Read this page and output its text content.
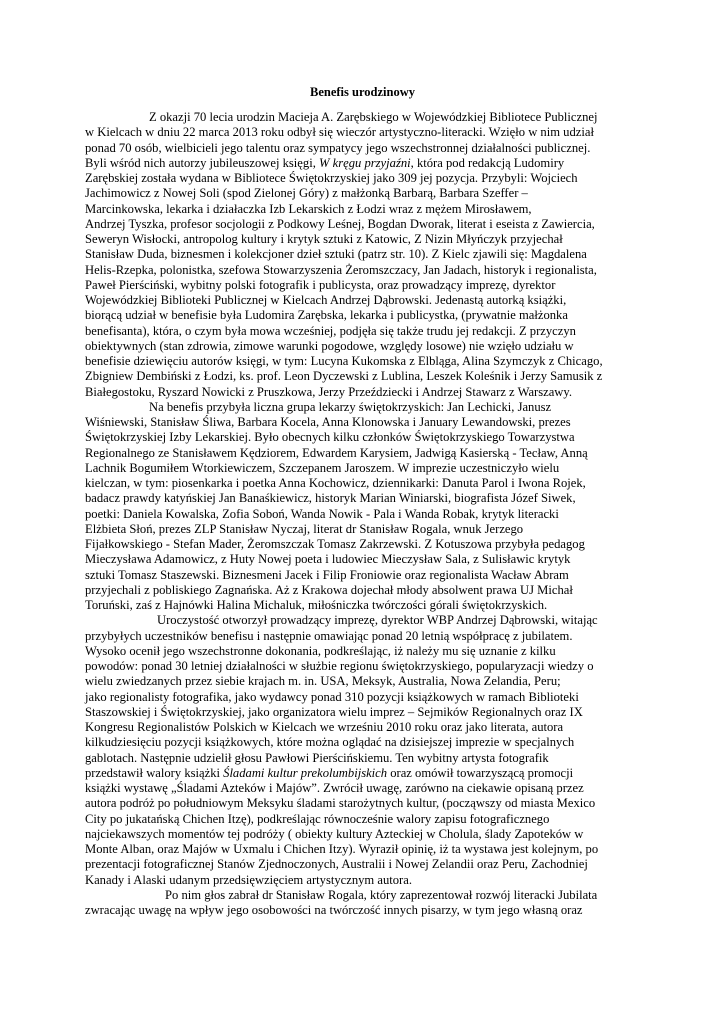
Benefis urodzinowy
Z okazji 70 lecia urodzin Macieja A. Zarębskiego w Wojewódzkiej Bibliotece Publicznej
w Kielcach w dniu 22 marca 2013 roku odbył się wieczór artystyczno-literacki. Wzięło w nim udział
ponad 70 osób, wielbicieli jego talentu oraz sympatycy jego wszechstronnej działalności publicznej.
Byli wśród nich autorzy jubileuszowej księgi, W kręgu przyjaźni, która pod redakcją Ludomiry
Zarębskiej została wydana w Bibliotece Świętokrzyskiej jako 309 jej pozycja. Przybyli: Wojciech
Jachimowicz z Nowej Soli (spod Zielonej Góry) z małżonką Barbarą, Barbara Szeffer –
Marcinkowska, lekarka i działaczka Izb Lekarskich z Łodzi wraz z mężem Mirosławem,
Andrzej Tyszka, profesor socjologii z Podkowy Leśnej, Bogdan Dworak, literat i eseista z Zawiercia,
Seweryn Wisłocki, antropolog kultury i krytyk sztuki z Katowic, Z Nizin Młyńczyk przyjechał
Stanisław Duda, biznesmen i kolekcjoner dzieł sztuki (patrz str. 10). Z Kielc zjawili się: Magdalena
Helis-Rzepka, polonistka, szefowa Stowarzyszenia Żeromszczacy, Jan Jadach, historyk i regionalista,
Paweł Pierściński, wybitny polski fotografik i publicysta, oraz prowadzący imprezę, dyrektor
Wojewódzkiej Biblioteki Publicznej w Kielcach Andrzej Dąbrowski. Jedenastą autorką książki,
biorącą udział w benefisie była Ludomira Zarębska, lekarka i publicystka, (prywatnie małżonka
benefisanta), która, o czym była mowa wcześniej, podjęła się także trudu jej redakcji. Z przyczyn
obiektywnych (stan zdrowia, zimowe warunki pogodowe, względy losowe) nie wzięło udziału w
benefisie dziewięciu autorów księgi, w tym: Lucyna Kukomska z Elbląga, Alina Szymczyk z Chicago,
Zbigniew Dembiński z Łodzi, ks. prof. Leon Dyczewski z Lublina, Leszek Koleśnik i Jerzy Samusik z
Białegostoku, Ryszard Nowicki z Pruszkowa, Jerzy Przeździecki i Andrzej Stawarz z Warszawy.
Na benefis przybyła liczna grupa lekarzy świętokrzyskich: Jan Lechicki, Janusz
Wiśniewski, Stanisław Śliwa, Barbara Kocela, Anna Klonowska i January Lewandowski, prezes
Świętokrzyskiej Izby Lekarskiej. Było obecnych kilku członków Świętokrzyskiego Towarzystwa
Regionalnego ze Stanisławem Kędziorem, Edwardem Karysiem, Jadwigą Kasierską - Tecław, Anną
Lachnik Bogumiłem Wtorkiewiczem, Szczepanem Jaroszem. W imprezie uczestniczyło wielu
kielczan, w tym: piosenkarka i poetka Anna Kochowicz, dziennikarki: Danuta Parol i Iwona Rojek,
badacz prawdy katyńskiej Jan Banaśkiewicz, historyk Marian Winiarski, biografista Józef Siwek,
poetki: Daniela Kowalska, Zofia Soboń, Wanda Nowik - Pala i Wanda Robak, krytyk literacki
Elżbieta Słoń, prezes ZLP Stanisław Nyczaj, literat dr Stanisław Rogala, wnuk Jerzego
Fijałkowskiego - Stefan Mader, Żeromszczak Tomasz Zakrzewski. Z Kotuszowa przybyła pedagog
Mieczysława Adamowicz, z Huty Nowej poeta i ludowiec Mieczysław Sala, z Sulisławic krytyk
sztuki Tomasz Staszewski. Biznesmeni Jacek i Filip Froniowie oraz regionalista Wacław Abram
przyjechali z pobliskiego Zagnańska. Aż z Krakowa dojechał młody absolwent prawa UJ Michał
Toruński, zaś z Hajnówki Halina Michaluk, miłośniczka twórczości górali świętokrzyskich.
Uroczystość otworzył prowadzący imprezę, dyrektor WBP Andrzej Dąbrowski, witając
przybyłych uczestników benefisu i następnie omawiając ponad 20 letnią współpracę z jubilatem.
Wysoko ocenił jego wszechstronne dokonania, podkreślając, iż należy mu się uznanie z kilku
powodów: ponad 30 letniej działalności w służbie regionu świętokrzyskiego, popularyzacji wiedzy o
wielu zwiedzanych przez siebie krajach m. in. USA, Meksyk, Australia, Nowa Zelandia, Peru;
jako regionalisty fotografika, jako wydawcy ponad 310 pozycji książkowych w ramach Biblioteki
Staszowskiej i Świętokrzyskiej, jako organizatora wielu imprez – Sejmików Regionalnych oraz IX
Kongresu Regionalistów Polskich w Kielcach we wrześniu 2010 roku oraz jako literata, autora
kilkudziesięciu pozycji książkowych, które można oglądać na dzisiejszej imprezie w specjalnych
gablotach. Następnie udzielił głosu Pawłowi Pierścińskiemu. Ten wybitny artysta fotografik
przedstawił walory książki Śladami kultur prekolumbijskich oraz omówił towarzyszącą promocji
książki wystawę „Śladami Azteków i Majów”. Zwrócił uwagę, zarówno na ciekawie opisaną przez
autora podróż po południowym Meksyku śladami starożytnych kultur, (począwszy od miasta Mexico
City po jukatańską Chichen Itzę), podkreślając równocześnie walory zapisu fotograficznego
najciekawszych momentów tej podróży ( obiekty kultury Azteckiej w Cholula, ślady Zapoteków w
Monte Alban, oraz Majów w Uxmalu i Chichen Itzy). Wyraził opinię, iż ta wystawa jest kolejnym, po
prezentacji fotograficznej Stanów Zjednoczonych, Australii i Nowej Zelandii oraz Peru, Zachodniej
Kanady i Alaski udanym przedsięwzięciem artystycznym autora.
Po nim głos zabrał dr Stanisław Rogala, który zaprezentował rozwój literacki Jubilata
zwracając uwagę na wpływ jego osobowości na twórczość innych pisarzy, w tym jego własną oraz
